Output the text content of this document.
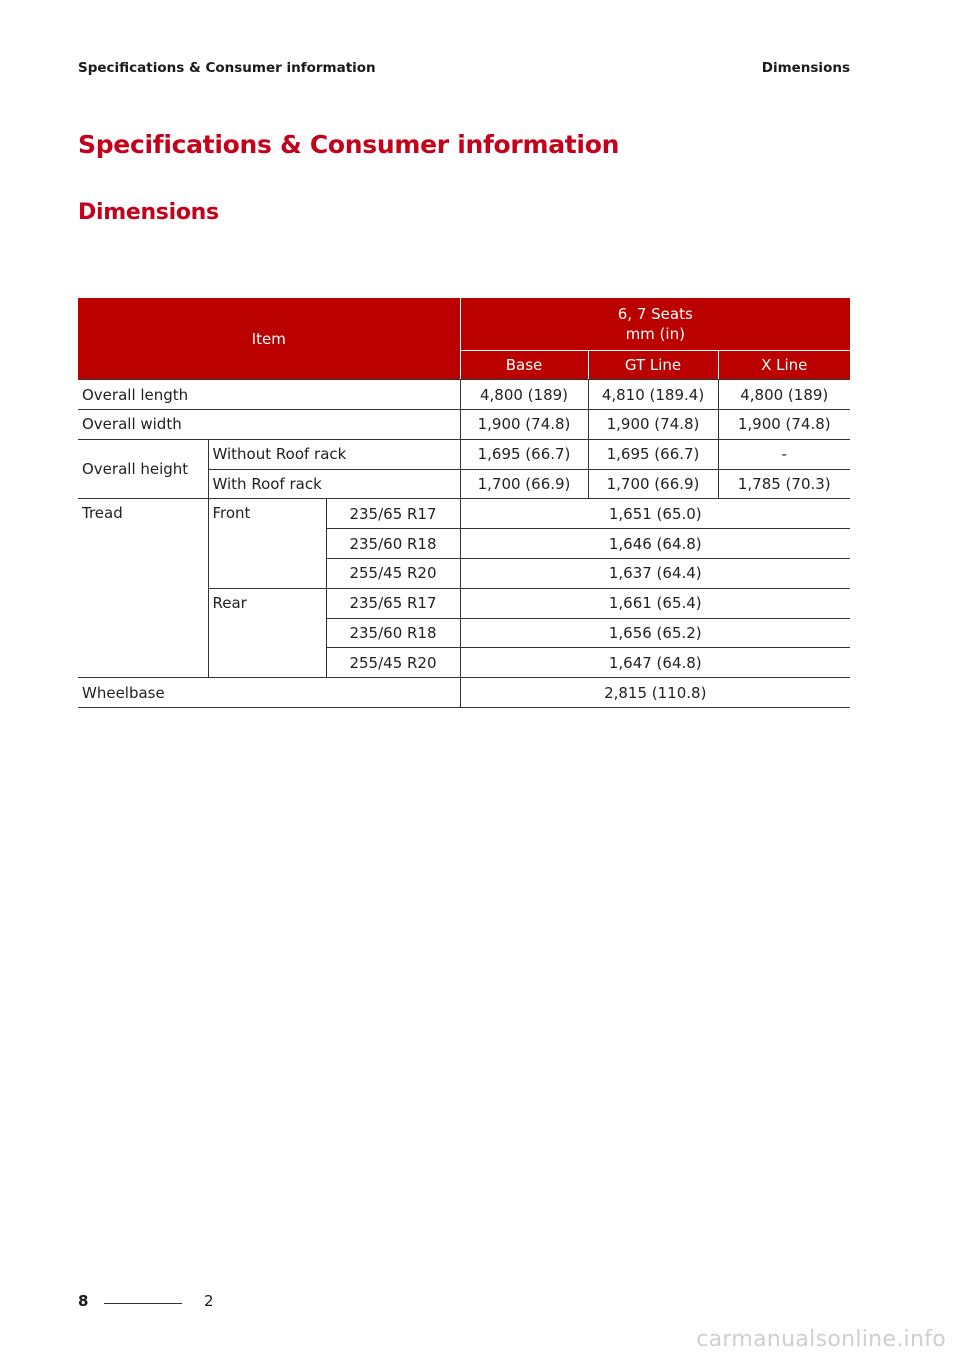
Specifications & Consumer information	Dimensions
Specifications & Consumer information
Dimensions
Item			6, 7 Seats
mm (in)		

			Base	GT Line	X Line
Overall length			4,800 (189)	4,810 (189.4)	4,800 (189)
Overall width			1,900 (74.8)	1,900 (74.8)	1,900 (74.8)
Overall height	Without Roof rack		1,695 (66.7)	1,695 (66.7)	-
	With Roof rack		1,700 (66.9)	1,700 (66.9)	1,785 (70.3)
Tread	Front	235/65 R17	1,651 (65.0)		
		235/60 R18	1,646 (64.8)		
		255/45 R20	1,637 (64.4)		
	Rear	235/65 R17	1,661 (65.4)		
		235/60 R18	1,656 (65.2)		
		255/45 R20	1,647 (64.8)		
Wheelbase			2,815 (110.8)		
8	2
carmanualsonline.info
